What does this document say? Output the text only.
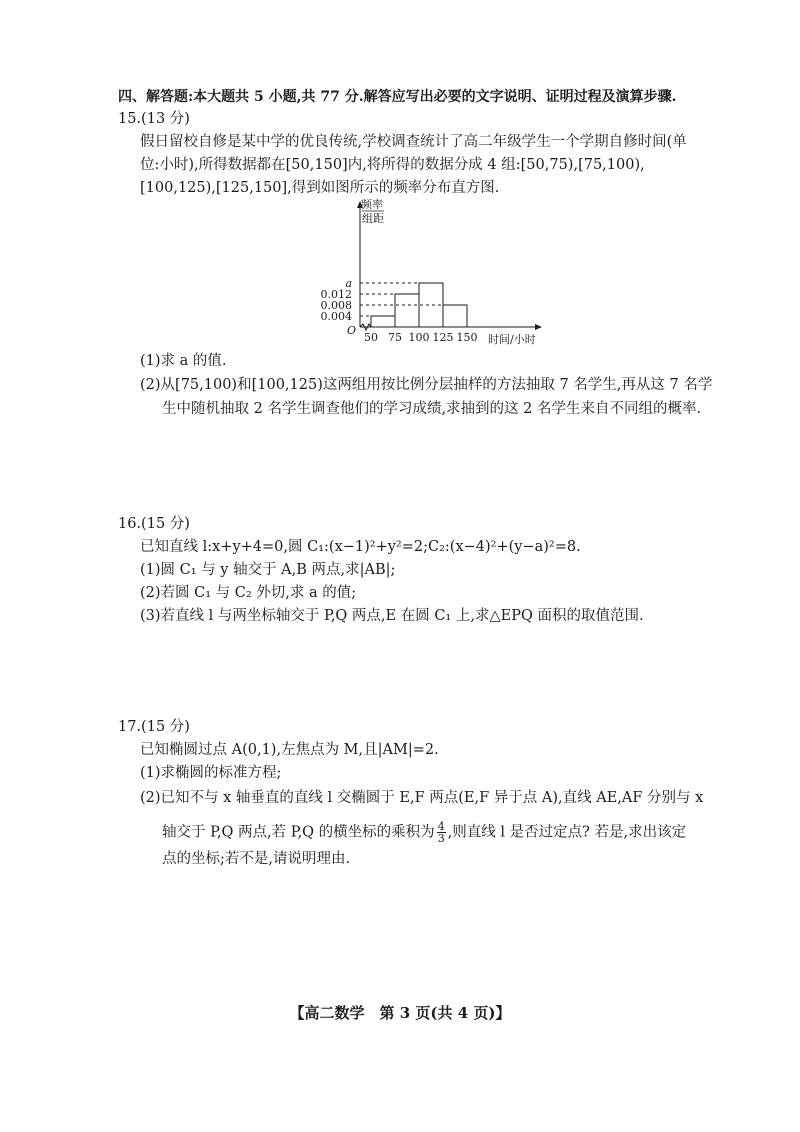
四、解答题:本大题共 5 小题,共 77 分.解答应写出必要的文字说明、证明过程及演算步骤.
15.(13 分)
假日留校自修是某中学的优良传统,学校调查统计了高二年级学生一个学期自修时间(单
位:小时),所得数据都在[50,150]内,将所得的数据分成 4 组:[50,75),[75,100),
[100,125),[125,150],得到如图所示的频率分布直方图.
频率
组距
O
时间/小时
50 75 100 125 150
0.004
0.008
0.012
a
(1)求 a 的值.
(2)从[75,100)和[100,125)这两组用按比例分层抽样的方法抽取 7 名学生,再从这 7 名学
生中随机抽取 2 名学生调查他们的学习成绩,求抽到的这 2 名学生来自不同组的概率.
16.(15 分)
已知直线 l:x+y+4=0,圆 C₁:(x−1)²+y²=2;C₂:(x−4)²+(y−a)²=8.
(1)圆 C₁ 与 y 轴交于 A,B 两点,求|AB|;
(2)若圆 C₁ 与 C₂ 外切,求 a 的值;
(3)若直线 l 与两坐标轴交于 P,Q 两点,E 在圆 C₁ 上,求△EPQ 面积的取值范围.
17.(15 分)
已知椭圆过点 A(0,1),左焦点为 M,且|AM|=2.
(1)求椭圆的标准方程;
(2)已知不与 x 轴垂直的直线 l 交椭圆于 E,F 两点(E,F 异于点 A),直线 AE,AF 分别与 x
轴交于 P,Q 两点,若 P,Q 的横坐标的乘积为 $\frac{4}{3}$ ,则直线 l 是否过定点? 若是,求出该定
点的坐标;若不是,请说明理由.
【高二数学　第 3 页(共 4 页)】
